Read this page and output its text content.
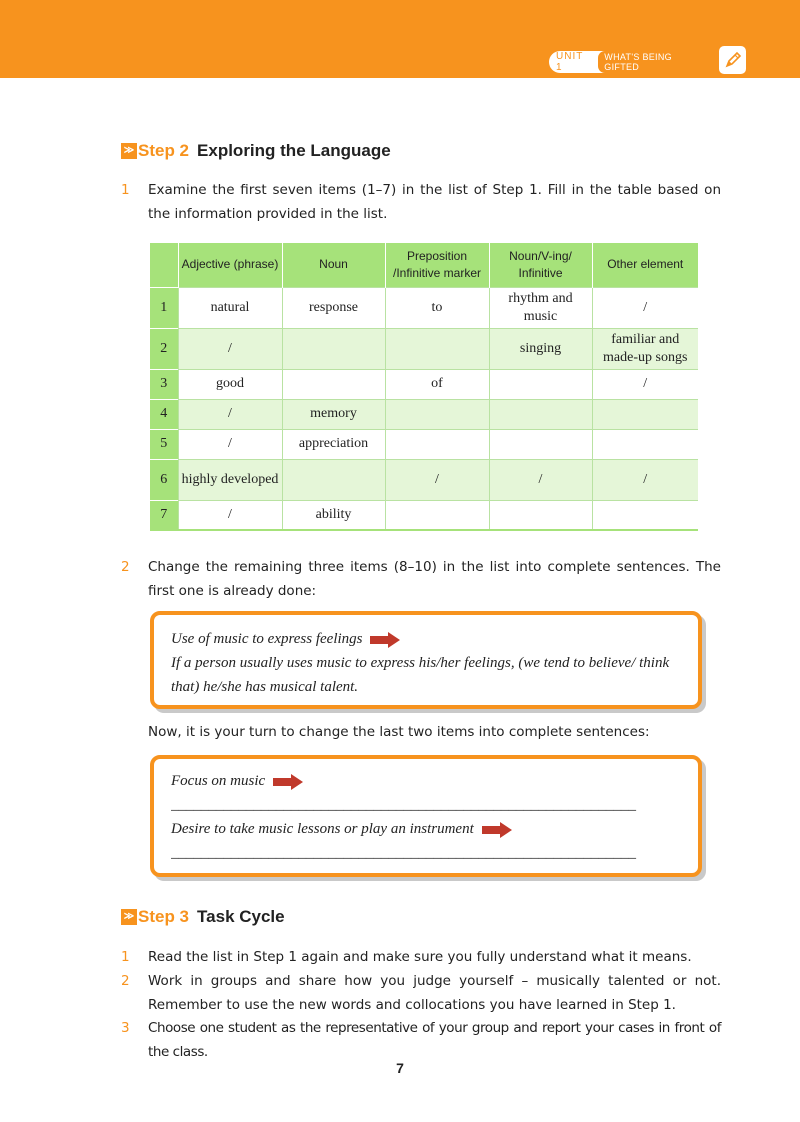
UNIT 1
WHAT'S BEING GIFTED
≫ Step 2 Exploring the Language
1 Examine the first seven items (1–7) in the list of Step 1. Fill in the table based on the information provided in the list.
	Adjective (phrase)	Noun	Preposition /Infinitive marker	Noun/V-ing/ Infinitive	Other element
1	natural	response	to	rhythm and music	/
2	/			singing	familiar and made-up songs
3	good		of		/
4	/	memory			
5	/	appreciation			
6	highly developed		/	/	/
7	/	ability			
2 Change the remaining three items (8–10) in the list into complete sentences. The first one is already done:
Use of music to express feelings
If a person usually uses music to express his/her feelings, (we tend to believe/ think that) he/she has musical talent.
Now, it is your turn to change the last two items into complete sentences:
Focus on music
______________________________________________________________
Desire to take music lessons or play an instrument
______________________________________________________________
≫ Step 3 Task Cycle
1 Read the list in Step 1 again and make sure you fully understand what it means.
2 Work in groups and share how you judge yourself – musically talented or not. Remember to use the new words and collocations you have learned in Step 1.
3 Choose one student as the representative of your group and report your cases in front of the class.
7
